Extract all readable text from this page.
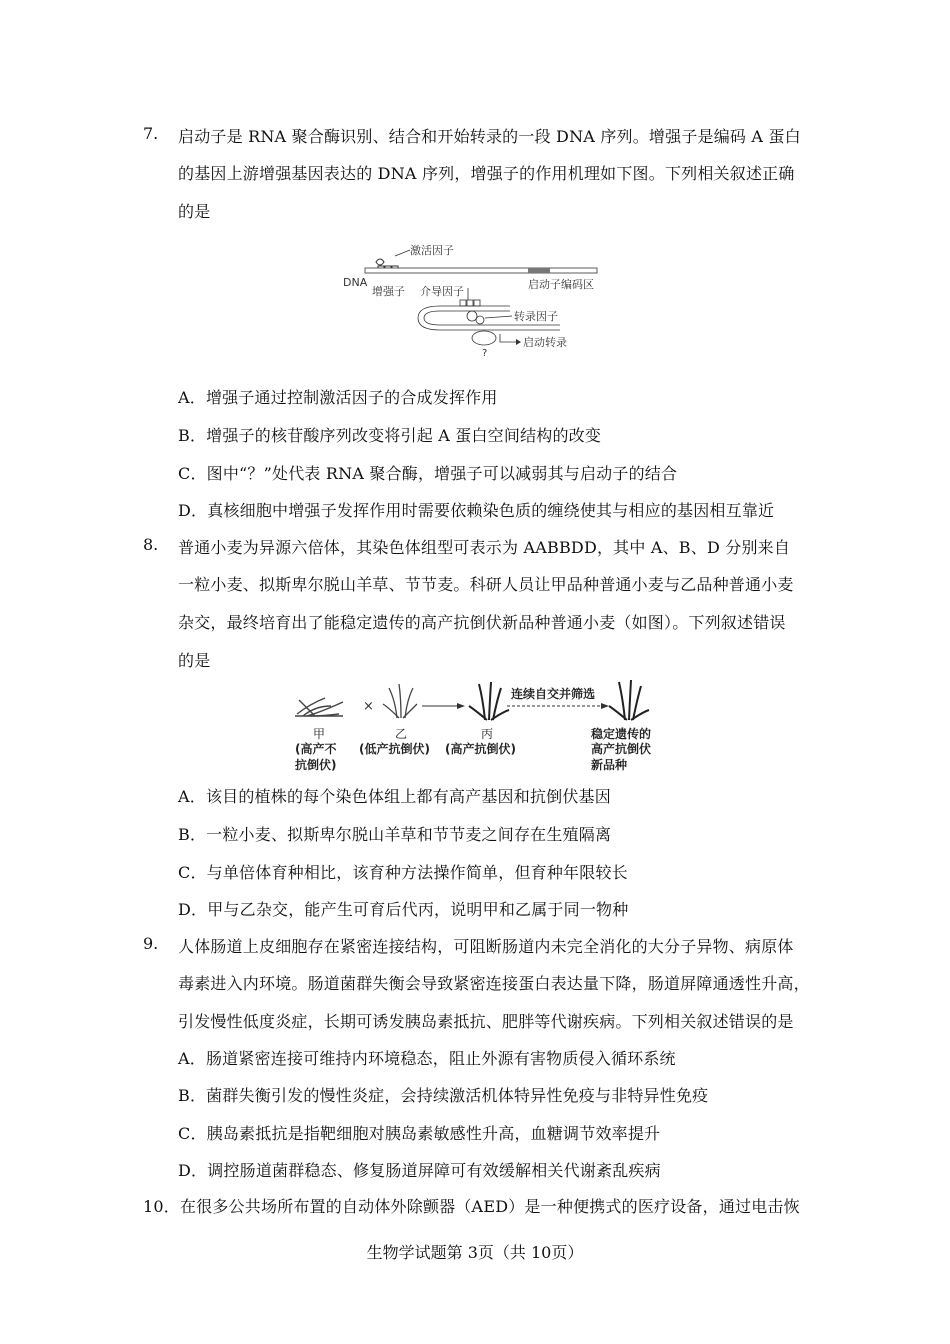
7. 启动子是 RNA 聚合酶识别、结合和开始转录的一段 DNA 序列。增强子是编码 A 蛋白
的基因上游增强基因表达的 DNA 序列，增强子的作用机理如下图。下列相关叙述正确
的是
激活因子
DNA
增强子 介导因子
启动子编码区
转录因子
?
启动转录
A．增强子通过控制激活因子的合成发挥作用
B．增强子的核苷酸序列改变将引起 A 蛋白空间结构的改变
C．图中“？”处代表 RNA 聚合酶，增强子可以减弱其与启动子的结合
D．真核细胞中增强子发挥作用时需要依赖染色质的缠绕使其与相应的基因相互靠近
8. 普通小麦为异源六倍体，其染色体组型可表示为 AABBDD，其中 A、B、D 分别来自
一粒小麦、拟斯卑尔脱山羊草、节节麦。科研人员让甲品种普通小麦与乙品种普通小麦
杂交，最终培育出了能稳定遗传的高产抗倒伏新品种普通小麦（如图）。下列叙述错误
的是
×
连续自交并筛选
甲
(高产不
抗倒伏)
乙
(低产抗倒伏)
丙
(高产抗倒伏)
稳定遗传的
高产抗倒伏
新品种
A．该目的植株的每个染色体组上都有高产基因和抗倒伏基因
B．一粒小麦、拟斯卑尔脱山羊草和节节麦之间存在生殖隔离
C．与单倍体育种相比，该育种方法操作简单，但育种年限较长
D．甲与乙杂交，能产生可育后代丙，说明甲和乙属于同一物种
9. 人体肠道上皮细胞存在紧密连接结构，可阻断肠道内未完全消化的大分子异物、病原体
毒素进入内环境。肠道菌群失衡会导致紧密连接蛋白表达量下降，肠道屏障通透性升高，
引发慢性低度炎症，长期可诱发胰岛素抵抗、肥胖等代谢疾病。下列相关叙述错误的是
A．肠道紧密连接可维持内环境稳态，阻止外源有害物质侵入循环系统
B．菌群失衡引发的慢性炎症，会持续激活机体特异性免疫与非特异性免疫
C．胰岛素抵抗是指靶细胞对胰岛素敏感性升高，血糖调节效率提升
D．调控肠道菌群稳态、修复肠道屏障可有效缓解相关代谢紊乱疾病
10．在很多公共场所布置的自动体外除颤器（AED）是一种便携式的医疗设备，通过电击恢
生物学试题第 3页（共 10页）
